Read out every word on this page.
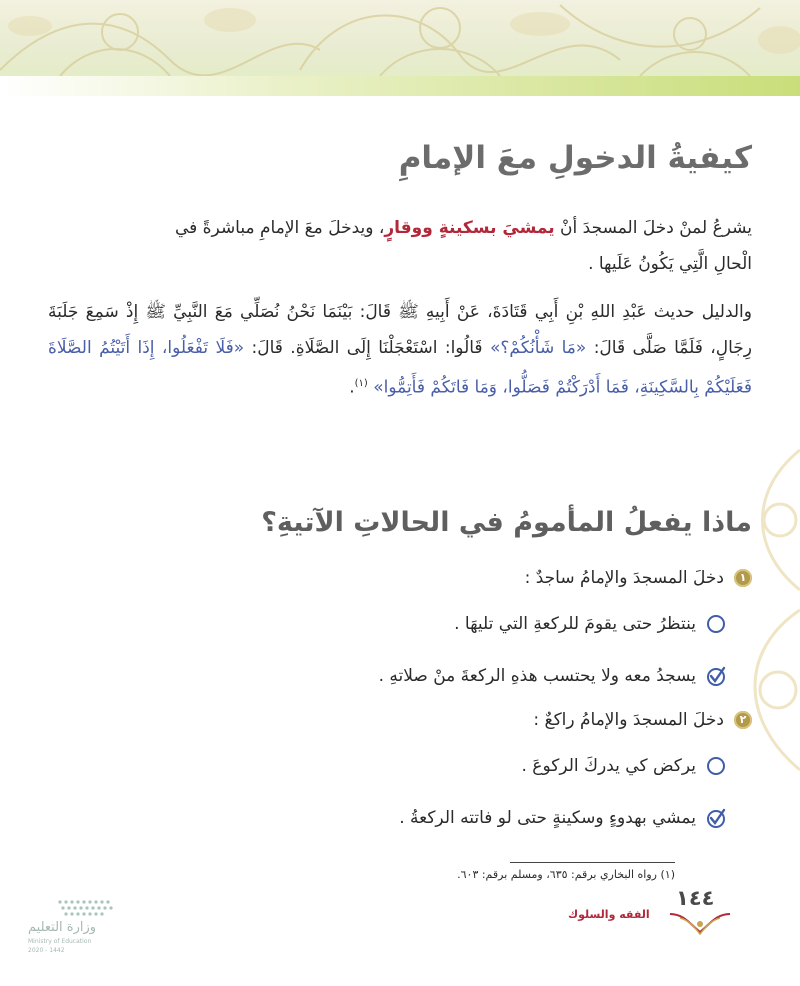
كيفيةُ الدخولِ معَ الإمامِ
يشرعُ لمنْ دخلَ المسجدَ أنْ يمشيَ بسكينةٍ ووقارٍ، ويدخلَ معَ الإمامِ مباشرةً في
الْحالِ الَّتِي يَكُونُ عَلَيها .
والدليل حديث عَبْدِ اللهِ بْنِ أَبِي قَتَادَةَ، عَنْ أَبِيهِ ﷺ قَالَ: بَيْنَمَا نَحْنُ نُصَلِّي مَعَ النَّبِيِّ ﷺ إِذْ سَمِعَ جَلَبَةَ رِجَالٍ، فَلَمَّا صَلَّى قَالَ: «مَا شَأْنُكُمْ؟» قَالُوا: اسْتَعْجَلْنَا إِلَى الصَّلَاةِ. قَالَ: «فَلَا تَفْعَلُوا، إِذَا أَتَيْتُمُ الصَّلَاةَ فَعَلَيْكُمْ بِالسَّكِينَةِ، فَمَا أَدْرَكْتُمْ فَصَلُّوا، وَمَا فَاتَكُمْ فَأَتِمُّوا» $^{(١)}$.
ماذا يفعلُ المأمومُ في الحالاتِ الآتيةِ؟
١
دخلَ المسجدَ والإمامُ ساجدٌ :
ينتظرُ حتى يقومَ للركعةِ التي تليهَا .
يسجدُ معه ولا يحتسب هذهِ الركعةَ منْ صلاتهِ .
٢
دخلَ المسجدَ والإمامُ راكعٌ :
يركض كي يدركَ الركوعَ .
يمشي بهدوءٍ وسكينةٍ حتى لو فاتته الركعةُ .
(١) رواه البخاري برقم: ٦٣٥، ومسلم برقم: ٦٠٣.
وزارة التعليم
Ministry of Education
2020 - 1442
١٤٤
الفقه والسلوك
